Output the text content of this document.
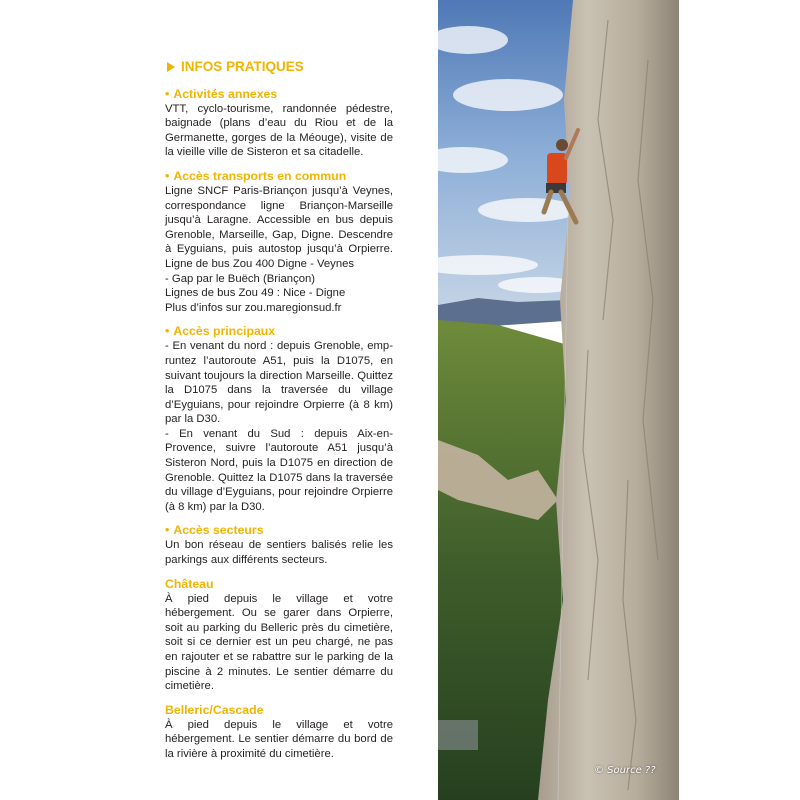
INFOS PRATIQUES
• Activités annexes
VTT, cyclo-tourisme, randonnée pédestre, baignade (plans d’eau du Riou et de la Germanette, gorges de la Méouge), visite de la vieille ville de Sisteron et sa citadelle.
• Accès transports en commun
Ligne SNCF Paris-Briançon jusqu’à Veynes, correspondance ligne Briançon-Marseille jusqu’à Laragne. Accessible en bus depuis Grenoble, Marseille, Gap, Digne. Descendre à Eyguians, puis autostop jusqu’à Orpierre. Ligne de bus Zou 400 Digne - Veynes
- Gap par le Buëch (Briançon)
Lignes de bus Zou 49 : Nice - Digne
Plus d’infos sur zou.maregionsud.fr
• Accès principaux
- En venant du nord : depuis Grenoble, empruntez l’autoroute A51, puis la D1075, en suivant toujours la direction Marseille. Quittez la D1075 dans la traversée du village d’Eyguians, pour rejoindre Orpierre (à 8 km) par la D30.
- En venant du Sud : depuis Aix-en- Provence, suivre l’autoroute A51 jusqu’à Sisteron Nord, puis la D1075 en direction de Grenoble. Quittez la D1075 dans la traversée du village d’Eyguians, pour rejoindre Orpierre (à 8 km) par la D30.
• Accès secteurs
Un bon réseau de sentiers balisés relie les parkings aux différents secteurs.
Château
À pied depuis le village et votre hébergement. Ou se garer dans Orpierre, soit au parking du Belleric près du cimetière, soit si ce dernier est un peu chargé, ne pas en rajouter et se rabattre sur le parking de la piscine à 2 minutes. Le sentier démarre du cimetière.
Belleric/Cascade
À pied depuis le village et votre hébergement. Le sentier démarre du bord de la rivière à proximité du cimetière.
© Source ??
